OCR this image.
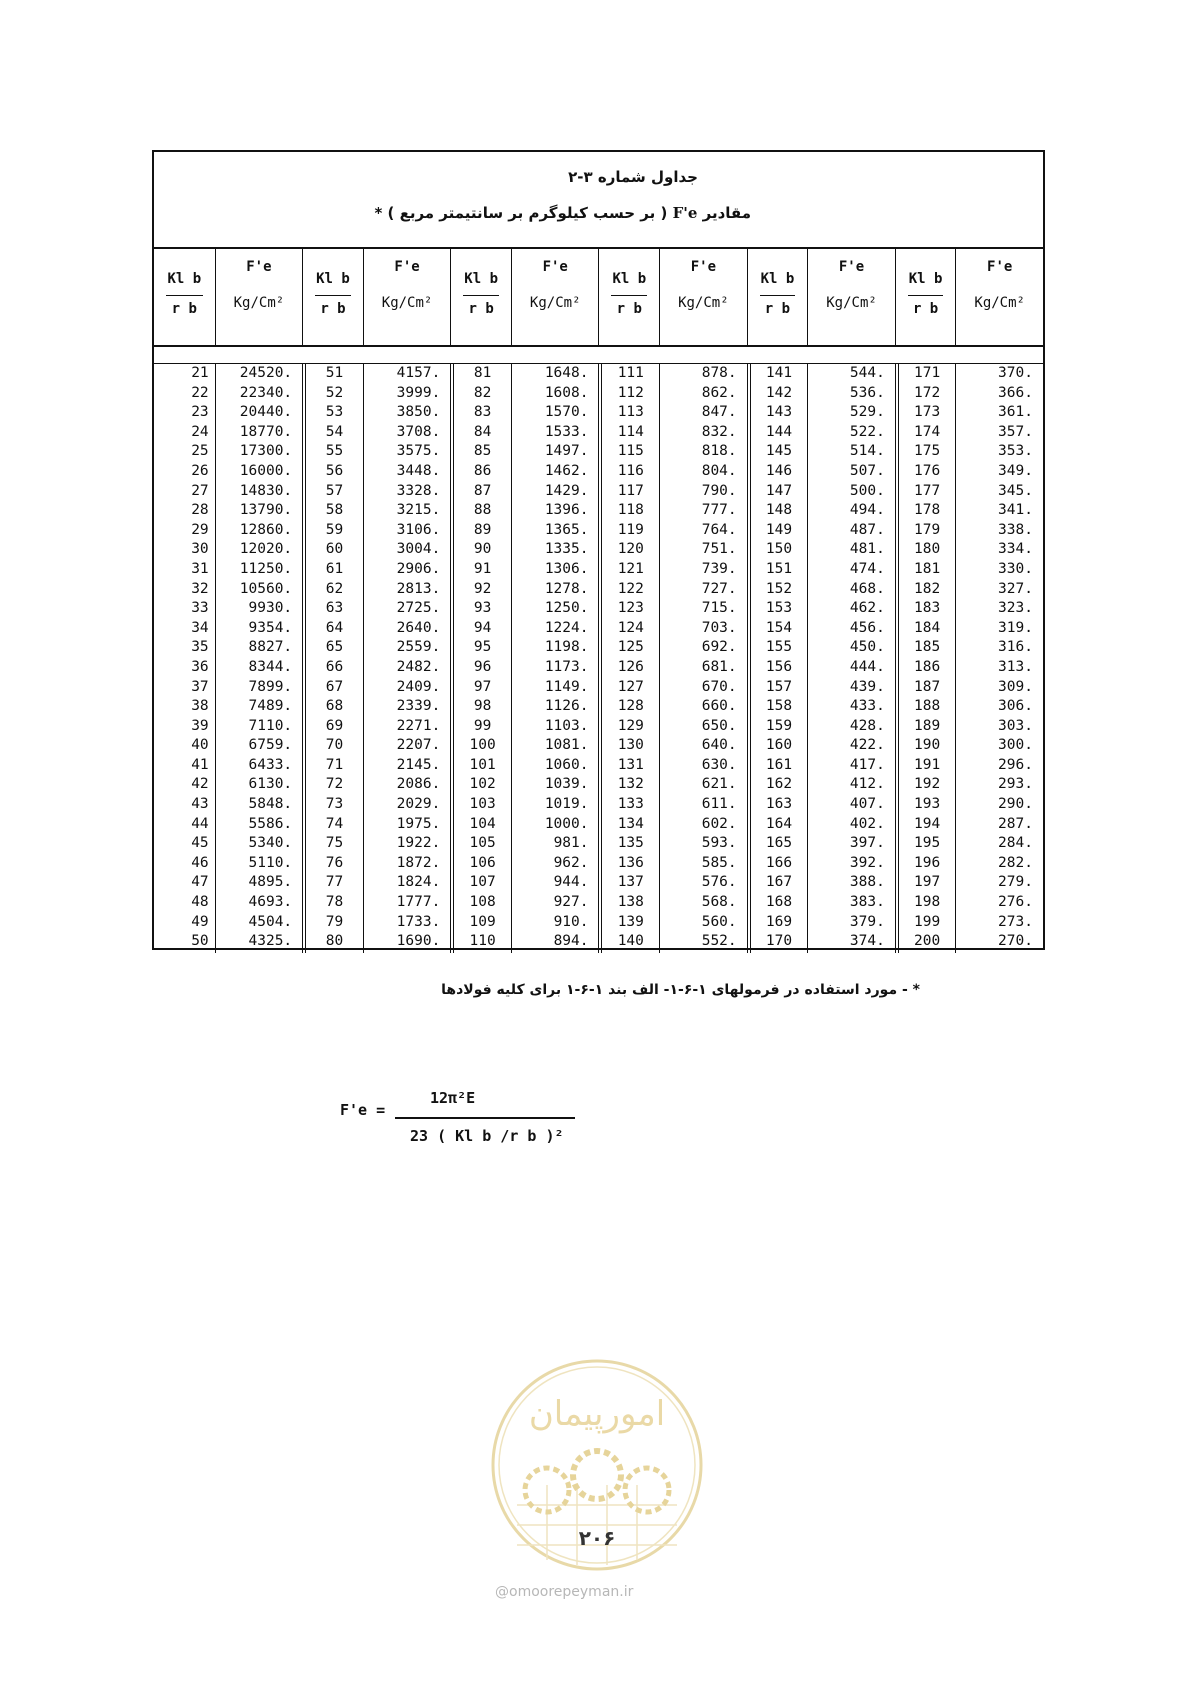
جداول شماره ۳-۲
مقادیر F'e ( بر حسب کیلوگرم بر سانتیمتر مربع ) *
Kl b
r b
F'e
Kg/Cm²
Kl b
r b
F'e
Kg/Cm²
Kl b
r b
F'e
Kg/Cm²
Kl b
r b
F'e
Kg/Cm²
Kl b
r b
F'e
Kg/Cm²
Kl b
r b
F'e
Kg/Cm²
21
22
23
24
25
26
27
28
29
30
31
32
33
34
35
36
37
38
39
40
41
42
43
44
45
46
47
48
49
50
24520.
22340.
20440.
18770.
17300.
16000.
14830.
13790.
12860.
12020.
11250.
10560.
9930.
9354.
8827.
8344.
7899.
7489.
7110.
6759.
6433.
6130.
5848.
5586.
5340.
5110.
4895.
4693.
4504.
4325.
51
52
53
54
55
56
57
58
59
60
61
62
63
64
65
66
67
68
69
70
71
72
73
74
75
76
77
78
79
80
4157.
3999.
3850.
3708.
3575.
3448.
3328.
3215.
3106.
3004.
2906.
2813.
2725.
2640.
2559.
2482.
2409.
2339.
2271.
2207.
2145.
2086.
2029.
1975.
1922.
1872.
1824.
1777.
1733.
1690.
81
82
83
84
85
86
87
88
89
90
91
92
93
94
95
96
97
98
99
100
101
102
103
104
105
106
107
108
109
110
1648.
1608.
1570.
1533.
1497.
1462.
1429.
1396.
1365.
1335.
1306.
1278.
1250.
1224.
1198.
1173.
1149.
1126.
1103.
1081.
1060.
1039.
1019.
1000.
981.
962.
944.
927.
910.
894.
111
112
113
114
115
116
117
118
119
120
121
122
123
124
125
126
127
128
129
130
131
132
133
134
135
136
137
138
139
140
878.
862.
847.
832.
818.
804.
790.
777.
764.
751.
739.
727.
715.
703.
692.
681.
670.
660.
650.
640.
630.
621.
611.
602.
593.
585.
576.
568.
560.
552.
141
142
143
144
145
146
147
148
149
150
151
152
153
154
155
156
157
158
159
160
161
162
163
164
165
166
167
168
169
170
544.
536.
529.
522.
514.
507.
500.
494.
487.
481.
474.
468.
462.
456.
450.
444.
439.
433.
428.
422.
417.
412.
407.
402.
397.
392.
388.
383.
379.
374.
171
172
173
174
175
176
177
178
179
180
181
182
183
184
185
186
187
188
189
190
191
192
193
194
195
196
197
198
199
200
370.
366.
361.
357.
353.
349.
345.
341.
338.
334.
330.
327.
323.
319.
316.
313.
309.
306.
303.
300.
296.
293.
290.
287.
284.
282.
279.
276.
273.
270.
* - مورد استفاده در فرمولهای ۱-۶-۱- الف بند ۱-۶-۱ برای کلیه فولادها
F'e =
12π²E
23 ( Kl b /r b )²
امورپیمان
۲۰۶
@omoorepeyman.ir
